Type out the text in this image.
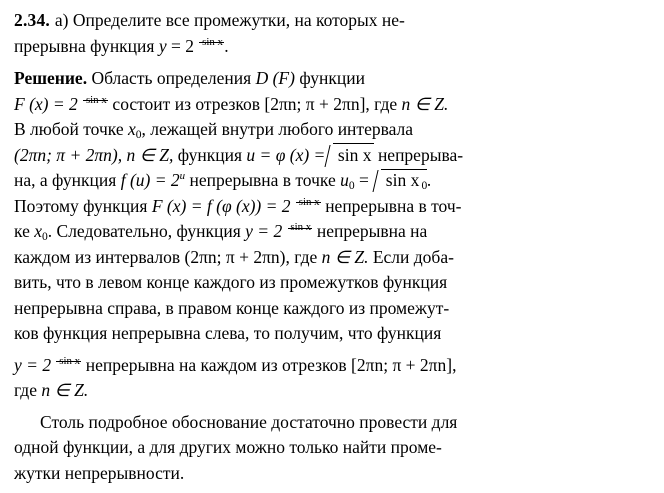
2.34. а) Определите все промежутки, на которых не-
прерывна функция y = 2 $^{sin x}$.
Решение. Область определения D (F) функции
F (x) = 2 $^{sin x}$ состоит из отрезков [2πn; π + 2πn], где n ∈ Z.
В любой точке $x_0$, лежащей внутри любого интервала
(2πn; π + 2πn), n ∈ Z, функция u = φ (x) = sin x непрерыва-
на, а функция f $(u) = 2^u$ непрерывна в точке $u_0 = \sin x$ $_0$.
Поэтому функция F (x) = f (φ (x)) = 2 $^{sin x}$ непрерывна в точ-
ке $x_0$. Следовательно, функция y = 2 $^{sin x}$ непрерывна на
каждом из интервалов (2πn; π + 2πn), где n ∈ Z. Если доба-
вить, что в левом конце каждого из промежутков функция
непрерывна справа, в правом конце каждого из промежут-
ков функция непрерывна слева, то получим, что функция
y = 2 $^{sin x}$ непрерывна на каждом из отрезков [2πn; π + 2πn],
где n ∈ Z.
Столь подробное обоснование достаточно провести для
одной функции, а для других можно только найти проме-
жутки непрерывности.
